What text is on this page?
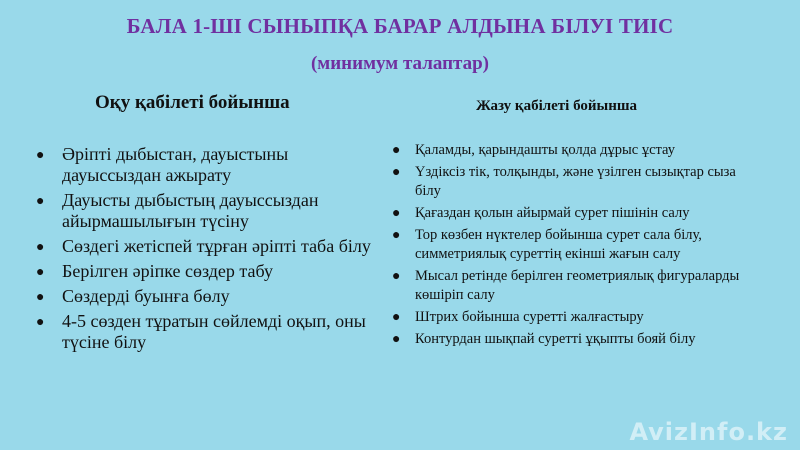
БАЛА 1-ШІ СЫНЫПҚА БАРАР АЛДЫНА БІЛУІ ТИІС
(минимум талаптар)
Оқу қабілеті бойынша	Жазу қабілеті бойынша
● Әріпті дыбыстан, дауыстыны дауыссыздан ажырату
● Дауысты дыбыстың дауыссыздан айырмашылығын түсіну
● Сөздегі жетіспей тұрған әріпті таба білу
● Берілген әріпке сөздер табу
● Сөздерді буынға бөлу
● 4-5 сөзден тұратын сөйлемді оқып, оны түсіне білу
● Қаламды, қарындашты қолда дұрыс ұстау
● Үздіксіз тік, толқынды, және үзілген сызықтар сыза білу
● Қағаздан қолын айырмай сурет пішінін салу
● Тор көзбен нүктелер бойынша сурет сала білу, симметриялық суреттің екінші жағын салу
● Мысал ретінде берілген геометриялық фигураларды көшіріп салу
● Штрих бойынша суретті жалғастыру
● Контурдан шықпай суретті ұқыпты бояй білу
AvizInfo.kz
